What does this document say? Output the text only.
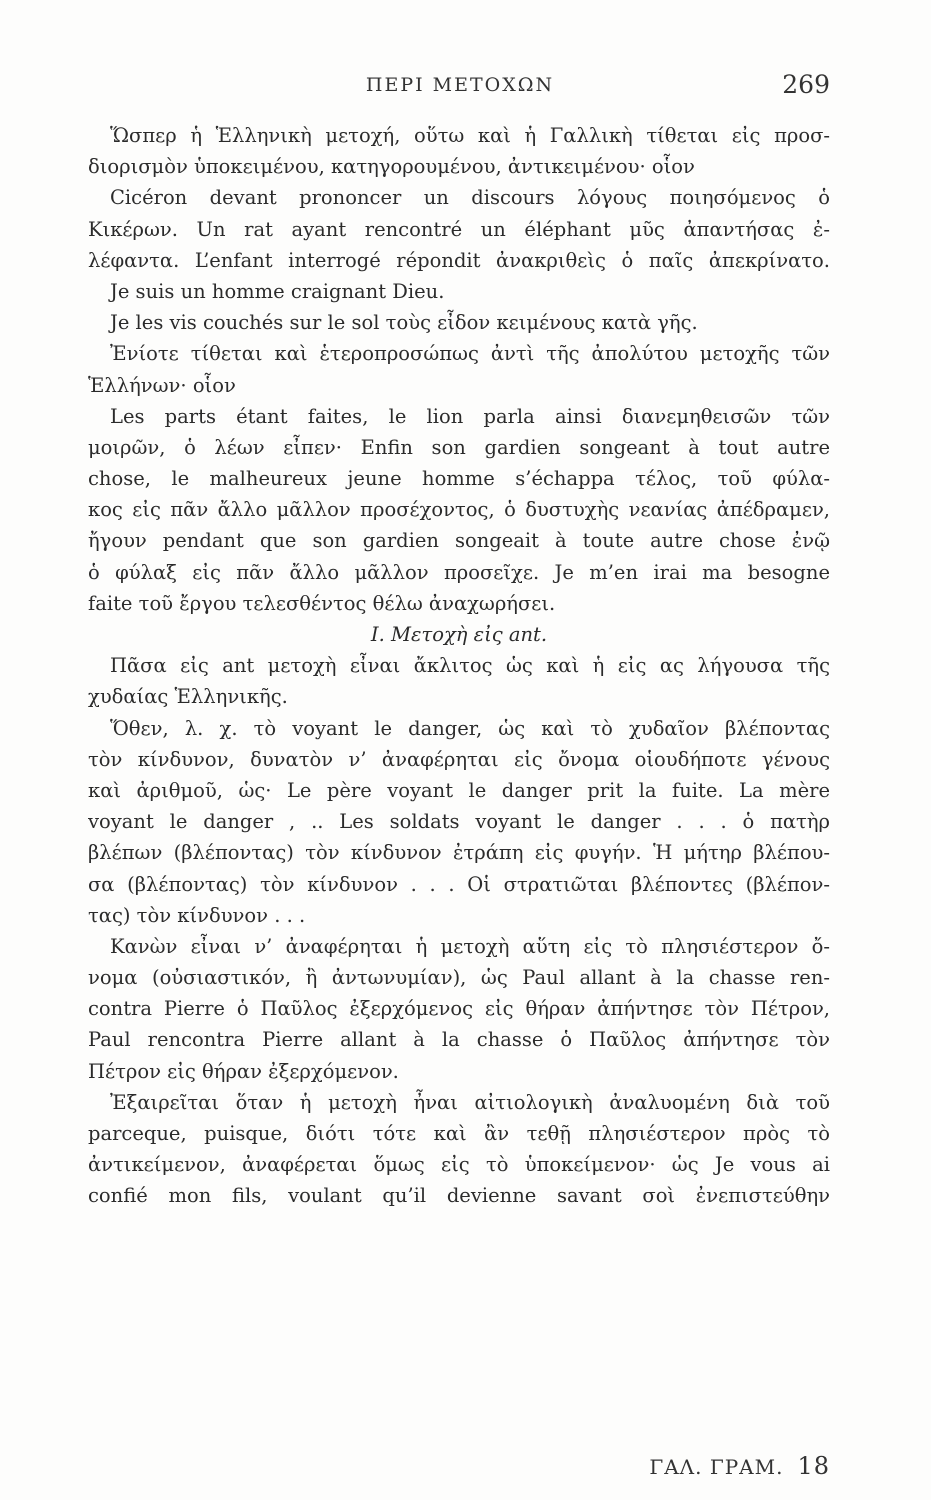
ΠΕΡΙ ΜΕΤΟΧΩΝ	269
Ὥσπερ ἡ Ἑλληνικὴ μετοχή, οὕτω καὶ ἡ Γαλλικὴ τίθεται εἰς προσ-
διορισμὸν ὑποκειμένου, κατηγορουμένου, ἀντικειμένου· οἷον
Cicéron devant prononcer un discours λόγους ποιησόμενος ὁ
Κικέρων. Un rat ayant rencontré un éléphant μῦς ἀπαντήσας ἐ-
λέφαντα. L’enfant interrogé répondit ἀνακριθεὶς ὁ παῖς ἀπεκρίνατο.
Je suis un homme craignant Dieu.
Je les vis couchés sur le sol τοὺς εἶδον κειμένους κατὰ γῆς.
Ἐνίοτε τίθεται καὶ ἑτεροπροσώπως ἀντὶ τῆς ἀπολύτου μετοχῆς τῶν
Ἑλλήνων· οἷον
Les parts étant faites, le lion parla ainsi διανεμηθεισῶν τῶν
μοιρῶν, ὁ λέων εἶπεν· Enfin son gardien songeant à tout autre
chose, le malheureux jeune homme s’échappa τέλος, τοῦ φύλα-
κος εἰς πᾶν ἄλλο μᾶλλον προσέχοντος, ὁ δυστυχὴς νεανίας ἀπέδραμεν,
ἤγουν pendant que son gardien songeait à toute autre chose ἐνῷ
ὁ φύλαξ εἰς πᾶν ἄλλο μᾶλλον προσεῖχε. Je m’en irai ma besogne
faite τοῦ ἔργου τελεσθέντος θέλω ἀναχωρήσει.
I. Μετοχὴ εἰς ant.
Πᾶσα εἰς ant μετοχὴ εἶναι ἄκλιτος ὡς καὶ ἡ εἰς ας λήγουσα τῆς
χυδαίας Ἑλληνικῆς.
Ὅθεν, λ. χ. τὸ voyant le danger, ὡς καὶ τὸ χυδαῖον βλέποντας
τὸν κίνδυνον, δυνατὸν ν’ ἀναφέρηται εἰς ὄνομα οἱουδήποτε γένους
καὶ ἀριθμοῦ, ὡς· Le père voyant le danger prit la fuite. La mère
voyant le danger , .. Les soldats voyant le danger . . . ὁ πατὴρ
βλέπων (βλέποντας) τὸν κίνδυνον ἐτράπη εἰς φυγήν. Ἡ μήτηρ βλέπου-
σα (βλέποντας) τὸν κίνδυνον . . . Οἱ στρατιῶται βλέποντες (βλέπον-
τας) τὸν κίνδυνον . . .
Κανὼν εἶναι ν’ ἀναφέρηται ἡ μετοχὴ αὕτη εἰς τὸ πλησιέστερον ὄ-
νομα (οὐσιαστικόν, ἢ ἀντωνυμίαν), ὡς Paul allant à la chasse ren-
contra Pierre ὁ Παῦλος ἐξερχόμενος εἰς θήραν ἀπήντησε τὸν Πέτρον,
Paul rencontra Pierre allant à la chasse ὁ Παῦλος ἀπήντησε τὸν
Πέτρον εἰς θήραν ἐξερχόμενον.
Ἐξαιρεῖται ὅταν ἡ μετοχὴ ἦναι αἰτιολογικὴ ἀναλυομένη διὰ τοῦ
parceque, puisque, διότι τότε καὶ ἂν τεθῇ πλησιέστερον πρὸς τὸ
ἀντικείμενον, ἀναφέρεται ὅμως εἰς τὸ ὑποκείμενον· ὡς Je vous ai
confié mon fils, voulant qu’il devienne savant σοὶ ἐνεπιστεύθην
ΓΑΛ. ΓΡΑΜ. 18
